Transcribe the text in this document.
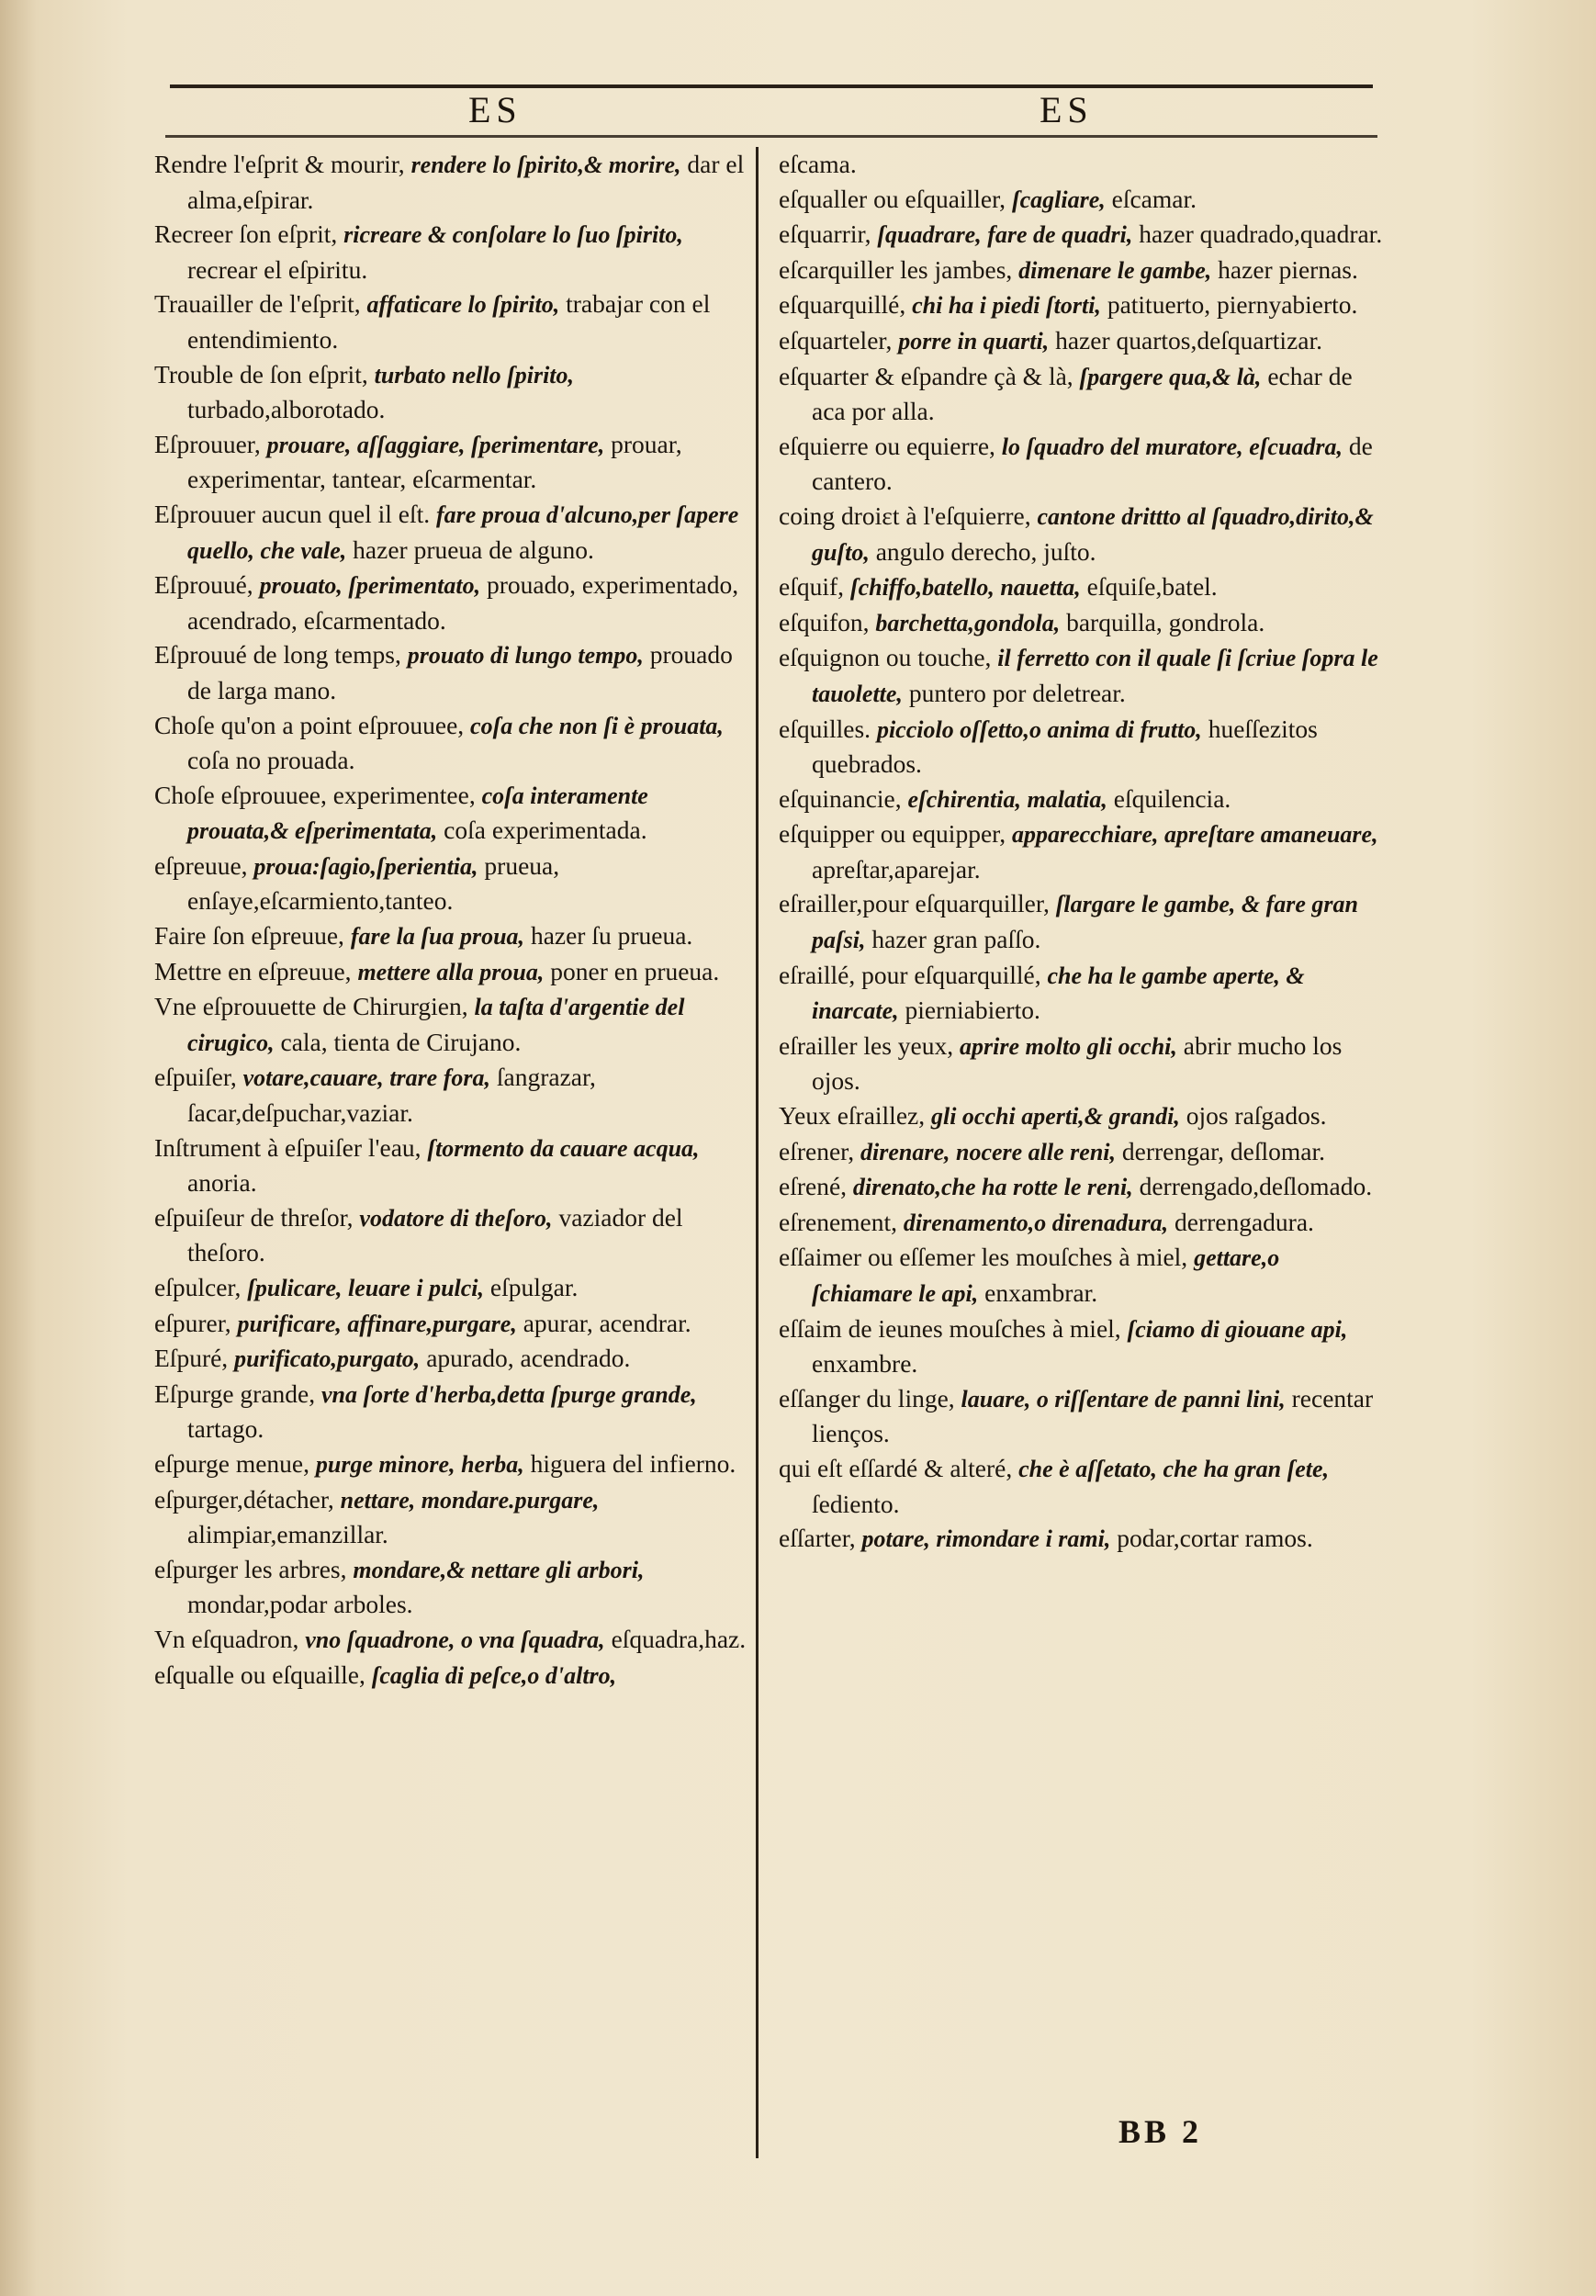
ES	ES

Rendre l'eſprit & mourir, rendere lo ſpirito,& morire, dar el alma,eſpirar.

Recreer ſon eſprit, ricreare & conſolare lo ſuo ſpirito, recrear el eſpiritu.

Trauailler de l'eſprit, affaticare lo ſpirito, trabajar con el entendimiento.

Trouble de ſon eſprit, turbato nello ſpirito, turbado,alborotado.

Eſprouuer, prouare, aſſaggiare, ſperimentare, prouar, experimentar, tantear, eſcarmentar.

Eſprouuer aucun quel il eſt. fare proua d'alcuno,per ſapere quello, che vale, hazer prueua de alguno.

Eſprouué, prouato, ſperimentato, prouado, experimentado, acendrado, eſcarmentado.

Eſprouué de long temps, prouato di lungo tempo, prouado de larga mano.

Choſe qu'on a point eſprouuee, coſa che non ſi è prouata, coſa no prouada.

Choſe eſprouuee, experimentee, coſa interamente prouata,& eſperimentata, coſa experimentada.

eſpreuue, proua:ſagio,ſperientia, prueua, enſaye,eſcarmiento,tanteo.

Faire ſon eſpreuue, fare la ſua proua, hazer ſu prueua.

Mettre en eſpreuue, mettere alla proua, poner en prueua.

Vne eſprouuette de Chirurgien, la taſta d'argentie del cirugico, cala, tienta de Cirujano.

eſpuiſer, votare,cauare, trare fora, ſangrazar, ſacar,deſpuchar,vaziar.

Inſtrument à eſpuiſer l'eau, ſtormento da cauare acqua, anoria.

eſpuiſeur de threſor, vodatore di theſoro, vaziador del theſoro.

eſpulcer, ſpulicare, leuare i pulci, eſpulgar.

eſpurer, purificare, affinare,purgare, apurar, acendrar.

Eſpuré, purificato,purgato, apurado, acendrado.

Eſpurge grande, vna ſorte d'herba,detta ſpurge grande, tartago.

eſpurge menue, purge minore, herba, higuera del infierno.

eſpurger,détacher, nettare, mondare.purgare, alimpiar,emanzillar.

eſpurger les arbres, mondare,& nettare gli arbori, mondar,podar arboles.

Vn eſquadron, vno ſquadrone, o vna ſquadra, eſquadra,haz.

eſqualle ou eſquaille, ſcaglia di peſce,o d'altro,

eſcama.

eſqualler ou eſquailler, ſcagliare, eſcamar.

eſquarrir, ſquadrare, fare de quadri, hazer quadrado,quadrar.

eſcarquiller les jambes, dimenare le gambe, hazer piernas.

eſquarquillé, chi ha i piedi ſtorti, patituerto, piernyabierto.

eſquarteler, porre in quarti, hazer quartos,deſquartizar.

eſquarter & eſpandre çà & là, ſpargere qua,& là, echar de aca por alla.

eſquierre ou equierre, lo ſquadro del muratore, eſcuadra, de cantero.

coing droiɛt à l'eſquierre, cantone drittto al ſquadro,dirito,& guſto, angulo derecho, juſto.

eſquif, ſchiffo,batello, nauetta, eſquiſe,batel.

eſquifon, barchetta,gondola, barquilla, gondrola.

eſquignon ou touche, il ferretto con il quale ſi ſcriue ſopra le tauolette, puntero por deletrear.

eſquilles. picciolo oſſetto,o anima di frutto, hueſſezitos quebrados.

eſquinancie, eſchirentia, malatia, eſquilencia.

eſquipper ou equipper, apparecchiare, apreſtare amaneuare, apreſtar,aparejar.

eſrailler,pour eſquarquiller, ſlargare le gambe, & fare gran paſsi, hazer gran paſſo.

eſraillé, pour eſquarquillé, che ha le gambe aperte, & inarcate, pierniabierto.

eſrailler les yeux, aprire molto gli occhi, abrir mucho los ojos.

Yeux eſraillez, gli occhi aperti,& grandi, ojos raſgados.

eſrener, direnare, nocere alle reni, derrengar, deſlomar.

eſrené, direnato,che ha rotte le reni, derrengado,deſlomado.

eſrenement, direnamento,o direnadura, derrengadura.

eſſaimer ou eſſemer les mouſches à miel, gettare,o ſchiamare le api, enxambrar.

eſſaim de ieunes mouſches à miel, ſciamo di giouane api, enxambre.

eſſanger du linge, lauare, o riſſentare de panni lini, recentar lienços.

qui eſt eſſardé & alteré, che è aſſetato, che ha gran ſete, ſediento.

eſſarter, potare, rimondare i rami, podar,cortar ramos.

BB 2
